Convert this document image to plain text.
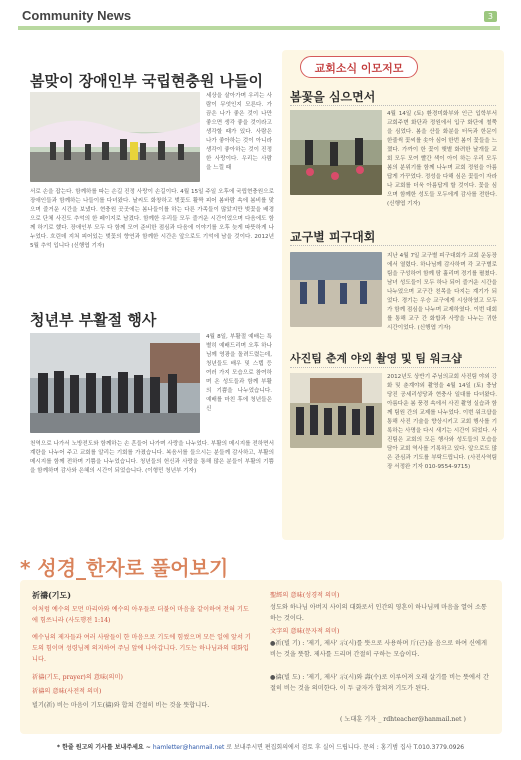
Community News	3
봄맞이 장애인부 국립현충원 나들이
세상을 살아가며 우리는 사람이 무엇인지 모른다. 가끔은 나가 좋은 것이 나만 좋으면 생각 좋을 것이라고 생각할 때가 있다. 사람은 나가 좋아하는 것이 아니라 생각이 좋아하는 것이 진정한 사랑이다. 우리는 사람을 느낄 때
서로 손을 잡는다. 함께하를 따는 손길 진정 사랑이 손길이다. 4월 15일 주일 오후에 국립현충원으로 장애인들과 함께하는 나들이를 다녀왔다. 날씨도 화창하고 벚꽃도 활짝 피어 봄바람 속에 봄비를 맞으며 즐거운 시간을 보냈다. 현충원 곳곳에는 봄나들이를 하는 다른 가족들이 많았지만 벚꽃을 배경으로 단체 사진도 추억의 한 페이지로 남겼다. 함께한 우리들 모두 즐거운 시간이었으며 다음에도 함께 하기로 했다. 장애인부 모두 다 함께 모여 준비한 점심과 다음에 이야기를 오후 늦게 따뜻하게 나누었다. 흐린데 지쳐 피어있는 벚꽃의 향연과 함께한 시간은 앞으로도 기억에 남을 것이다. 2012년 5월 추억 입니다 (신행엽 기자)
청년부 부활절 행사
4월 8일, 부활절 예배는 특별히 예배드리며 오후 하나님께 영광을 돌려드렸는데, 청년들도 배우 및 스텝 등 여러 가지 모습으로 참여하며 온 성도들과 함께 부활의 기쁨을 나누었습니다. 예배를 마친 후에 청년들은 신
천역으로 나가서 노방전도와 함께하는 손 흔들어 나가며 사랑을 나누었다. 부활의 메시지를 전하면서 계란을 나누어 주고 교회를 알리는 기회를 가졌습니다. 복음서를 들으시는 분들께 감사하고, 부활의 메시지를 함께 전하며 기쁨을 나누었습니다. 청년들의 헌신과 사랑을 통해 많은 분들이 부활의 기쁨을 함께하며 감사와 은혜의 시간이 되었습니다. (이형민 청년부 기자)
교회소식 이모저모
봄꽃을 심으면서
4월 14일 (토) 환경미화부와 인근 입학부서 교회주변 화단과 정원에서 입구 화단에 철쭉을 심었다. 봄을 산들 화분을 터득과 한문이 한줄씩 꽃씨를 솟아 심어 한번 봄이 꽃들을 느꼈다. 가까이 한 꽃이 햇볕 화려한 날개들 교회 모두 모여 빨간 색이 아이 하는 우리 모두 봄의 분위기를 함께 나누며 교회 정원을 아름답게 가꾸었다. 정성을 다해 심은 꽃들이 자라나 교회를 더욱 아름답게 할 것이다. 꽃을 심으며 함께한 성도들 모두에게 감사를 전한다. (신행엽 기자)
교구별 피구대회
지난 4월 7일 교구별 피구대회가 교회 운동장에서 열렸다. 하나님께 감사하며 각 교구별로 팀을 구성하여 함께 땀 흘리며 경기를 펼쳤다. 남녀 성도들이 모두 하나 되어 즐거운 시간을 나누었으며 교구간 친목을 다지는 계기가 되었다. 경기는 우승 교구에게 시상하였고 모두가 함께 점심을 나누며 교제하였다. 이번 대회를 통해 교구 간 화합과 사랑을 나누는 귀한 시간이었다. (신행엽 기자)
사진팀 춘계 야외 촬영 및 팀 워크샵
2012년도 상반기 주님의교회 사진팀 야외 강화 및 춘계야외 촬영을 4월 14일 (토) 충남 당진 공세리성당과 현충사 일대를 다녀왔다. 아름다운 봄 풍경 속에서 사진 촬영 실습과 함께 팀원 간의 교제를 나누었다. 이번 워크샵을 통해 사진 기술을 향상시키고 교회 행사를 기록하는 사명을 다시 새기는 시간이 되었다. 사진팀은 교회의 모든 행사와 성도들의 모습을 담아 교회 역사를 기록하고 있다. 앞으로도 많은 관심과 기도를 부탁드립니다. (사진사역팀장 서정완 기자 010-9554-9715)
* 성경_한자로 풀어보기
祈禱(기도)
이처럼 예수의 모먼 마리아와 예수의 아우들로 더불어 마음을 같이하여 전혀 기도에 힘쓰니라 (사도행전 1:14)
예수님의 제자들과 여러 사람들이 한 마음으로 기도에 힘썼으며 모든 일에 앞서 기도의 힘이며 성령님께 의지하여 주님 앞에 나아갑니다. 기도는 하나님과의 대화입니다.
祈禱(기도, prayer)의 意味(의미)
祈禱의 意味(사전적 의미)
빌기(祈) 비는 마음이 기도(禱)와 합쳐 간절히 비는 것을 뜻합니다.
聖經의 意味(성경적 의미)
성도와 하나님 아버지 사이의 대화로서 인간의 영혼이 하나님께 마음을 열어 소통하는 것이다.
文字의 意味(문자적 의미)
●祈(빌 기) : '제기, 제사' 示(시)를 뜻으로 사용하며 斤(근)을 음으로 하여 신에게 비는 것을 뜻함. 제사를 드리며 간절히 구하는 모습이다.
●禱(빌 도) : '제기, 제사' 示(시)와 壽(수)로 이루어져 오래 살기를 비는 뜻에서 간절히 비는 것을 의미한다. 이 두 글자가 합쳐져 기도가 된다.
( 노대훈 기자 _ rdhteacher@hanmail.net )
* 한줄 원고의 기사를 보내주세요 ~ hamletter@hanmail.net 로 보내주시면 편집회의에서 검토 후 실어 드립니다. 문의 : 홍기범 집사 T.010.3779.0926
